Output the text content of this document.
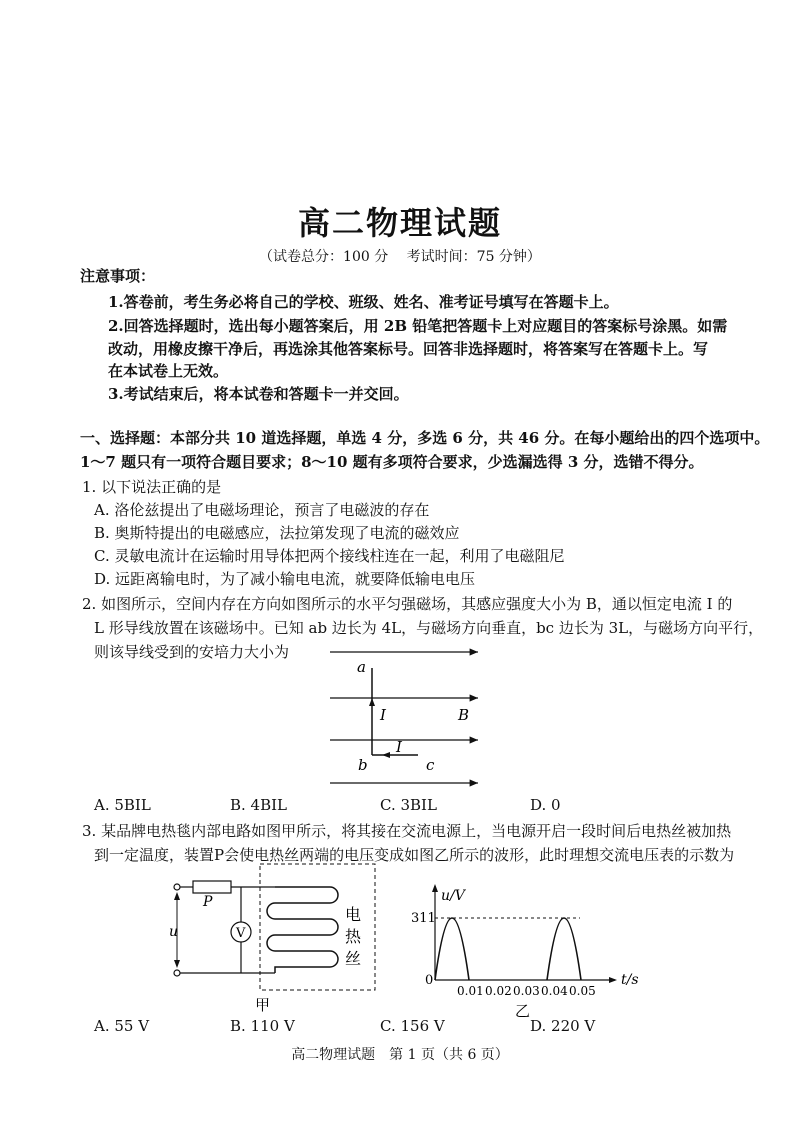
高二物理试题
（试卷总分：100 分　 考试时间：75 分钟）
注意事项：
1.答卷前，考生务必将自己的学校、班级、姓名、准考证号填写在答题卡上。
2.回答选择题时，选出每小题答案后，用 2B 铅笔把答题卡上对应题目的答案标号涂黑。如需
改动，用橡皮擦干净后，再选涂其他答案标号。回答非选择题时，将答案写在答题卡上。写
在本试卷上无效。
3.考试结束后，将本试卷和答题卡一并交回。
一、选择题：本部分共 10 道选择题，单选 4 分，多选 6 分，共 46 分。在每小题给出的四个选项中。
1～7 题只有一项符合题目要求；8～10 题有多项符合要求，少选漏选得 3 分，选错不得分。
1. 以下说法正确的是
A. 洛伦兹提出了电磁场理论，预言了电磁波的存在
B. 奥斯特提出的电磁感应，法拉第发现了电流的磁效应
C. 灵敏电流计在运输时用导体把两个接线柱连在一起，利用了电磁阻尼
D. 远距离输电时，为了减小输电电流，就要降低输电电压
2. 如图所示，空间内存在方向如图所示的水平匀强磁场，其感应强度大小为 B，通以恒定电流 I 的
L 形导线放置在该磁场中。已知 ab 边长为 4L，与磁场方向垂直，bc 边长为 3L，与磁场方向平行，
则该导线受到的安培力大小为
a
I	B
I
b	c
A. 5BIL	B. 4BIL	C. 3BIL	D. 0
3. 某品牌电热毯内部电路如图甲所示，将其接在交流电源上，当电源开启一段时间后电热丝被加热
到一定温度，装置P会使电热丝两端的电压变成如图乙所示的波形，此时理想交流电压表的示数为
V
u
P
电
热
丝
甲
u/V
311
0
0.01 0.02 0.03 0.04 0.05
t/s
乙
A. 55 V	B. 110 V	C. 156 V	D. 220 V
高二物理试题　第 1 页（共 6 页）
